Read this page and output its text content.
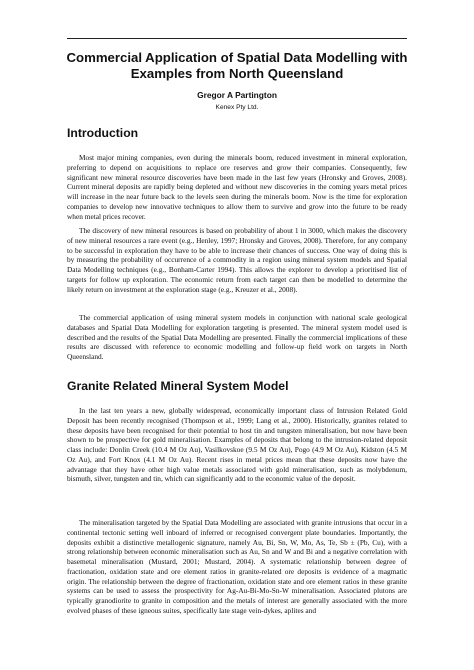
Commercial Application of Spatial Data Modelling with Examples from North Queensland
Gregor A Partington
Kenex Pty Ltd.
Introduction

Most major mining companies, even during the minerals boom, reduced investment in mineral exploration, preferring to depend on acquisitions to replace ore reserves and grow their companies. Consequently, few significant new mineral resource discoveries have been made in the last few years (Hronsky and Groves, 2008). Current mineral deposits are rapidly being depleted and without new discoveries in the coming years metal prices will increase in the near future back to the levels seen during the minerals boom. Now is the time for exploration companies to develop new innovative techniques to allow them to survive and grow into the future to be ready when metal prices recover.

The discovery of new mineral resources is based on probability of about 1 in 3000, which makes the discovery of new mineral resources a rare event (e.g., Henley, 1997; Hronsky and Groves, 2008). Therefore, for any company to be successful in exploration they have to be able to increase their chances of success. One way of doing this is by measuring the probability of occurrence of a commodity in a region using mineral system models and Spatial Data Modelling techniques (e.g., Bonham-Carter 1994). This allows the explorer to develop a prioritised list of targets for follow up exploration. The economic return from each target can then be modelled to determine the likely return on investment at the exploration stage (e.g., Kreuzer et al., 2008).

The commercial application of using mineral system models in conjunction with national scale geological databases and Spatial Data Modelling for exploration targeting is presented. The mineral system model used is described and the results of the Spatial Data Modelling are presented. Finally the commercial implications of these results are discussed with reference to economic modelling and follow-up field work on targets in North Queensland.

Granite Related Mineral System Model

In the last ten years a new, globally widespread, economically important class of Intrusion Related Gold Deposit has been recently recognised (Thompson et al., 1999; Lang et al., 2000). Historically, granites related to these deposits have been recognised for their potential to host tin and tungsten mineralisation, but now have been shown to be prospective for gold mineralisation. Examples of deposits that belong to the intrusion-related deposit class include: Donlin Creek (10.4 M Oz Au), Vasilkovskoe (9.5 M Oz Au), Pogo (4.9 M Oz Au), Kidston (4.5 M Oz Au), and Fort Knox (4.1 M Oz Au). Recent rises in metal prices mean that these deposits now have the advantage that they have other high value metals associated with gold mineralisation, such as molybdenum, bismuth, silver, tungsten and tin, which can significantly add to the economic value of the deposit.

The mineralisation targeted by the Spatial Data Modelling are associated with granite intrusions that occur in a continental tectonic setting well inboard of inferred or recognised convergent plate boundaries. Importantly, the deposits exhibit a distinctive metallogenic signature, namely Au, Bi, Sn, W, Mo, As, Te, Sb ± (Pb, Cu), with a strong relationship between economic mineralisation such as Au, Sn and W and Bi and a negative correlation with basemetal mineralisation (Mustard, 2001; Mustard, 2004). A systematic relationship between degree of fractionation, oxidation state and ore element ratios in granite-related ore deposits is evidence of a magmatic origin. The relationship between the degree of fractionation, oxidation state and ore element ratios in these granite systems can be used to assess the prospectivity for Ag-Au-Bi-Mo-Sn-W mineralisation. Associated plutons are typically granodiorite to granite in composition and the metals of interest are generally associated with the more evolved phases of these igneous suites, specifically late stage vein-dykes, aplites and
